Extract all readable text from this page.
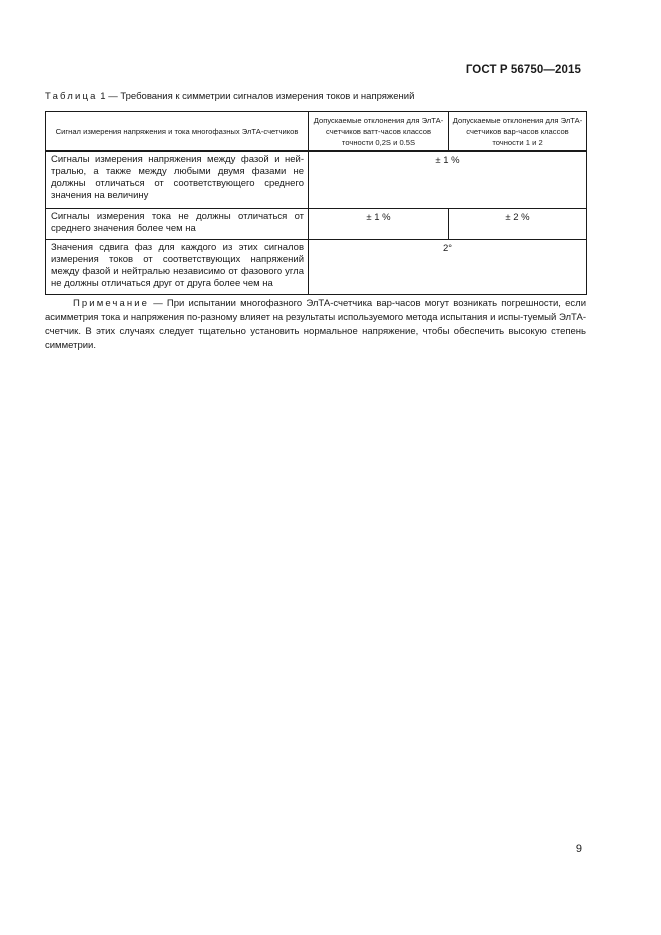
ГОСТ Р 56750—2015
Таблица 1 — Требования к симметрии сигналов измерения токов и напряжений
Сигнал измерения напряжения и тока многофазных ЭлТА-счетчиков	Допускаемые отклонения для ЭлТА-счетчиков ватт-часов классов точности 0,2S и 0.5S	Допускаемые отклонения для ЭлТА-счетчиков вар-часов классов точности 1 и 2
Сигналы измерения напряжения между фазой и ней-тралью, а также между любыми двумя фазами не должны отличаться от соответствующего среднего значения на величину	± 1 %	
Сигналы измерения тока не должны отличаться от среднего значения более чем на	± 1 %	± 2 %
Значения сдвига фаз для каждого из этих сигналов измерения токов от соответствующих напряжений между фазой и нейтралью независимо от фазового угла не должны отличаться друг от друга более чем на	2°	
Примечание — При испытании многофазного ЭлТА-счетчика вар-часов могут возникать погрешности, если асимметрия тока и напряжения по-разному влияет на результаты используемого метода испытания и испы-туемый ЭлТА-счетчик. В этих случаях следует тщательно установить нормальное напряжение, чтобы обеспечить высокую степень симметрии.
9
